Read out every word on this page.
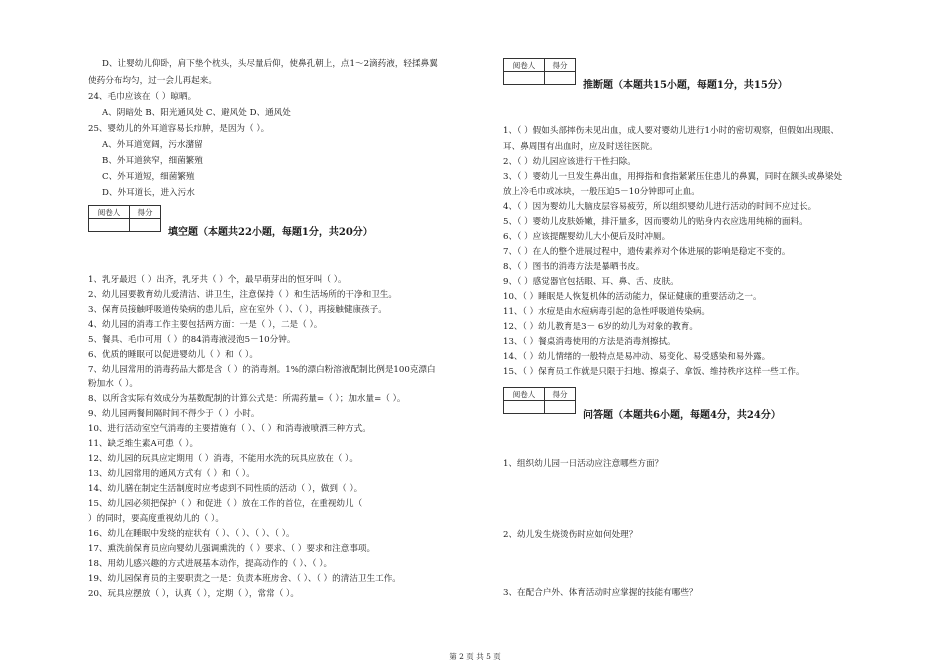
D、让婴幼儿仰卧，肩下垫个枕头，头尽量后仰，使鼻孔朝上，点1～2滴药液，轻揉鼻翼
使药分布均匀，过一会儿再起来。
24、毛巾应该在（ ）晾晒。
A、阴暗处 B、阳光通风处 C、避风处 D、通风处
25、婴幼儿的外耳道容易长疖肿，是因为（ ）。
A、外耳道宽阔，污水潴留
B、外耳道狭窄，细菌繁殖
C、外耳道短，细菌繁殖
D、外耳道长，进入污水
阅卷人	得分

填空题（本题共22小题，每题1分，共20分）
1、乳牙最迟（ ）出齐，乳牙共（ ）个，最早萌芽出的恒牙叫（ ）。
2、幼儿园要教育幼儿爱清洁、讲卫生，注意保持（ ）和生活场所的干净和卫生。
3、保育员接触呼吸道传染病的患儿后，应在室外（ ）、（ ），再接触健康孩子。
4、幼儿园的消毒工作主要包括两方面：一是（ ），二是（ ）。
5、餐具、毛巾可用（ ）的84消毒液浸泡5－10分钟。
6、优质的睡眠可以促进婴幼儿（ ）和（ ）。
7、幼儿园常用的消毒药品大都是含（ ）的消毒剂。1%的漂白粉溶液配制比例是100克漂白
粉加水（ ）。
8、以所含实际有效成分为基数配制的计算公式是：所需药量=（ ）；加水量=（ ）。
9、幼儿园两餐间隔时间不得少于（ ）小时。
10、进行活动室空气消毒的主要措施有（ ）、（ ）和消毒液喷洒三种方式。
11、缺乏维生素A可患（ ）。
12、幼儿园的玩具应定期用（ ）消毒，不能用水洗的玩具应放在（ ）。
13、幼儿园常用的通风方式有（ ）和（ ）。
14、幼儿膳在制定生活制度时应考虑到不同性质的活动（ ），做到（ ）。
15、幼儿园必须把保护（ ）和促进（ ）放在工作的首位，在重视幼儿（
）的同时，要高度重视幼儿的（ ）。
16、幼儿在睡眠中发绕的症状有（ ）、（ ）、（ ）、（ ）。
17、熏洗前保育员应向婴幼儿强调熏洗的（ ）要求、（ ）要求和注意事项。
18、用幼儿感兴趣的方式进展基本动作，提高动作的（ ）、（ ）。
19、幼儿园保育员的主要职责之一是：负责本班房舍、（ ）、（ ）的清洁卫生工作。
20、玩具应摆放（ ），认真（ ），定期（ ），常常（ ）。
阅卷人	得分

推断题（本题共15小题，每题1分，共15分）
1、（ ）假如头部摔伤未见出血，成人要对婴幼儿进行1小时的密切观察，但假如出现眼、
耳、鼻周围有出血时，应及时送往医院。
2、（ ）幼儿园应该进行干性扫除。
3、（ ）婴幼儿一旦发生鼻出血，用拇指和食指紧紧压住患儿的鼻翼，同时在额头或鼻梁处
放上冷毛巾或冰块，一般压迫5－10分钟即可止血。
4、（ ）因为婴幼儿大脑皮层容易疲劳，所以组织婴幼儿进行活动的时间不应过长。
5、（ ）婴幼儿皮肤娇嫩，排汗量多，因而婴幼儿的贴身内衣应选用纯棉的面料。
6、（ ）应该提醒婴幼儿大小便后及时冲厕。
7、（ ）在人的整个进展过程中，遗传素养对个体进展的影响是稳定不变的。
8、（ ）图书的消毒方法是暴晒书皮。
9、（ ）感觉器官包括眼、耳、鼻、舌、皮肤。
10、（ ）睡眠是人恢复机体的活动能力，保证健康的重要活动之一。
11、（ ）水痘是由水痘病毒引起的急性呼吸道传染病。
12、（ ）幼儿教育是3－ 6岁的幼儿为对象的教育。
13、（ ）餐桌消毒使用的方法是消毒剂擦拭。
14、（ ）幼儿情绪的一般特点是易冲动、易变化、易受感染和易外露。
15、（ ）保育员工作就是只限于扫地、擦桌子、拿饭、维持秩序这样一些工作。
阅卷人	得分

问答题（本题共6小题，每题4分，共24分）
1、组织幼儿园一日活动应注意哪些方面？
2、幼儿发生烧烫伤时应如何处理？
3、在配合户外、体育活动时应掌握的技能有哪些？
第 2 页 共 5 页
